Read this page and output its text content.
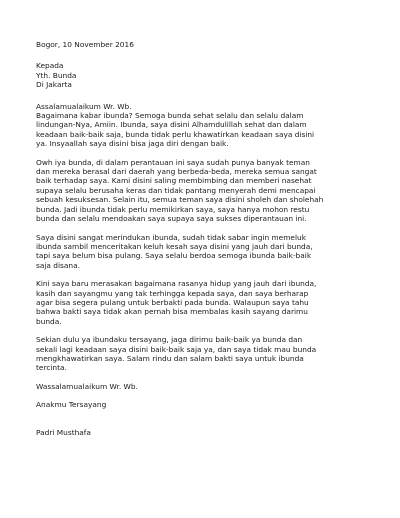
Bogor, 10 November 2016
Kepada
Yth. Bunda
Di Jakarta
Assalamualaikum Wr. Wb.
Bagaimana kabar ibunda? Semoga bunda sehat selalu dan selalu dalam
lindungan-Nya, Amiin. Ibunda, saya disini Alhamdulillah sehat dan dalam
keadaan baik-baik saja, bunda tidak perlu khawatirkan keadaan saya disini
ya. Insyaallah saya disini bisa jaga diri dengan baik.
Owh iya bunda, di dalam perantauan ini saya sudah punya banyak teman
dan mereka berasal dari daerah yang berbeda-beda, mereka semua sangat
baik terhadap saya. Kami disini saling membimbing dan memberi nasehat
supaya selalu berusaha keras dan tidak pantang menyerah demi mencapai
sebuah kesuksesan. Selain itu, semua teman saya disini sholeh dan sholehah
bunda. Jadi ibunda tidak perlu memikirkan saya, saya hanya mohon restu
bunda dan selalu mendoakan saya supaya saya sukses diperantauan ini.
Saya disini sangat merindukan ibunda, sudah tidak sabar ingin memeluk
ibunda sambil menceritakan keluh kesah saya disini yang jauh dari bunda,
tapi saya belum bisa pulang. Saya selalu berdoa semoga ibunda baik-baik
saja disana.
Kini saya baru merasakan bagaimana rasanya hidup yang jauh dari ibunda,
kasih dan sayangmu yang tak terhingga kepada saya, dan saya berharap
agar bisa segera pulang untuk berbakti pada bunda. Walaupun saya tahu
bahwa bakti saya tidak akan pernah bisa membalas kasih sayang darimu
bunda.
Sekian dulu ya ibundaku tersayang, jaga dirimu baik-baik ya bunda dan
sekali lagi keadaan saya disini baik-baik saja ya, dan saya tidak mau bunda
mengkhawatirkan saya. Salam rindu dan salam bakti saya untuk ibunda
tercinta.
Wassalamualaikum Wr. Wb.
Anakmu Tersayang
Padri Musthafa
